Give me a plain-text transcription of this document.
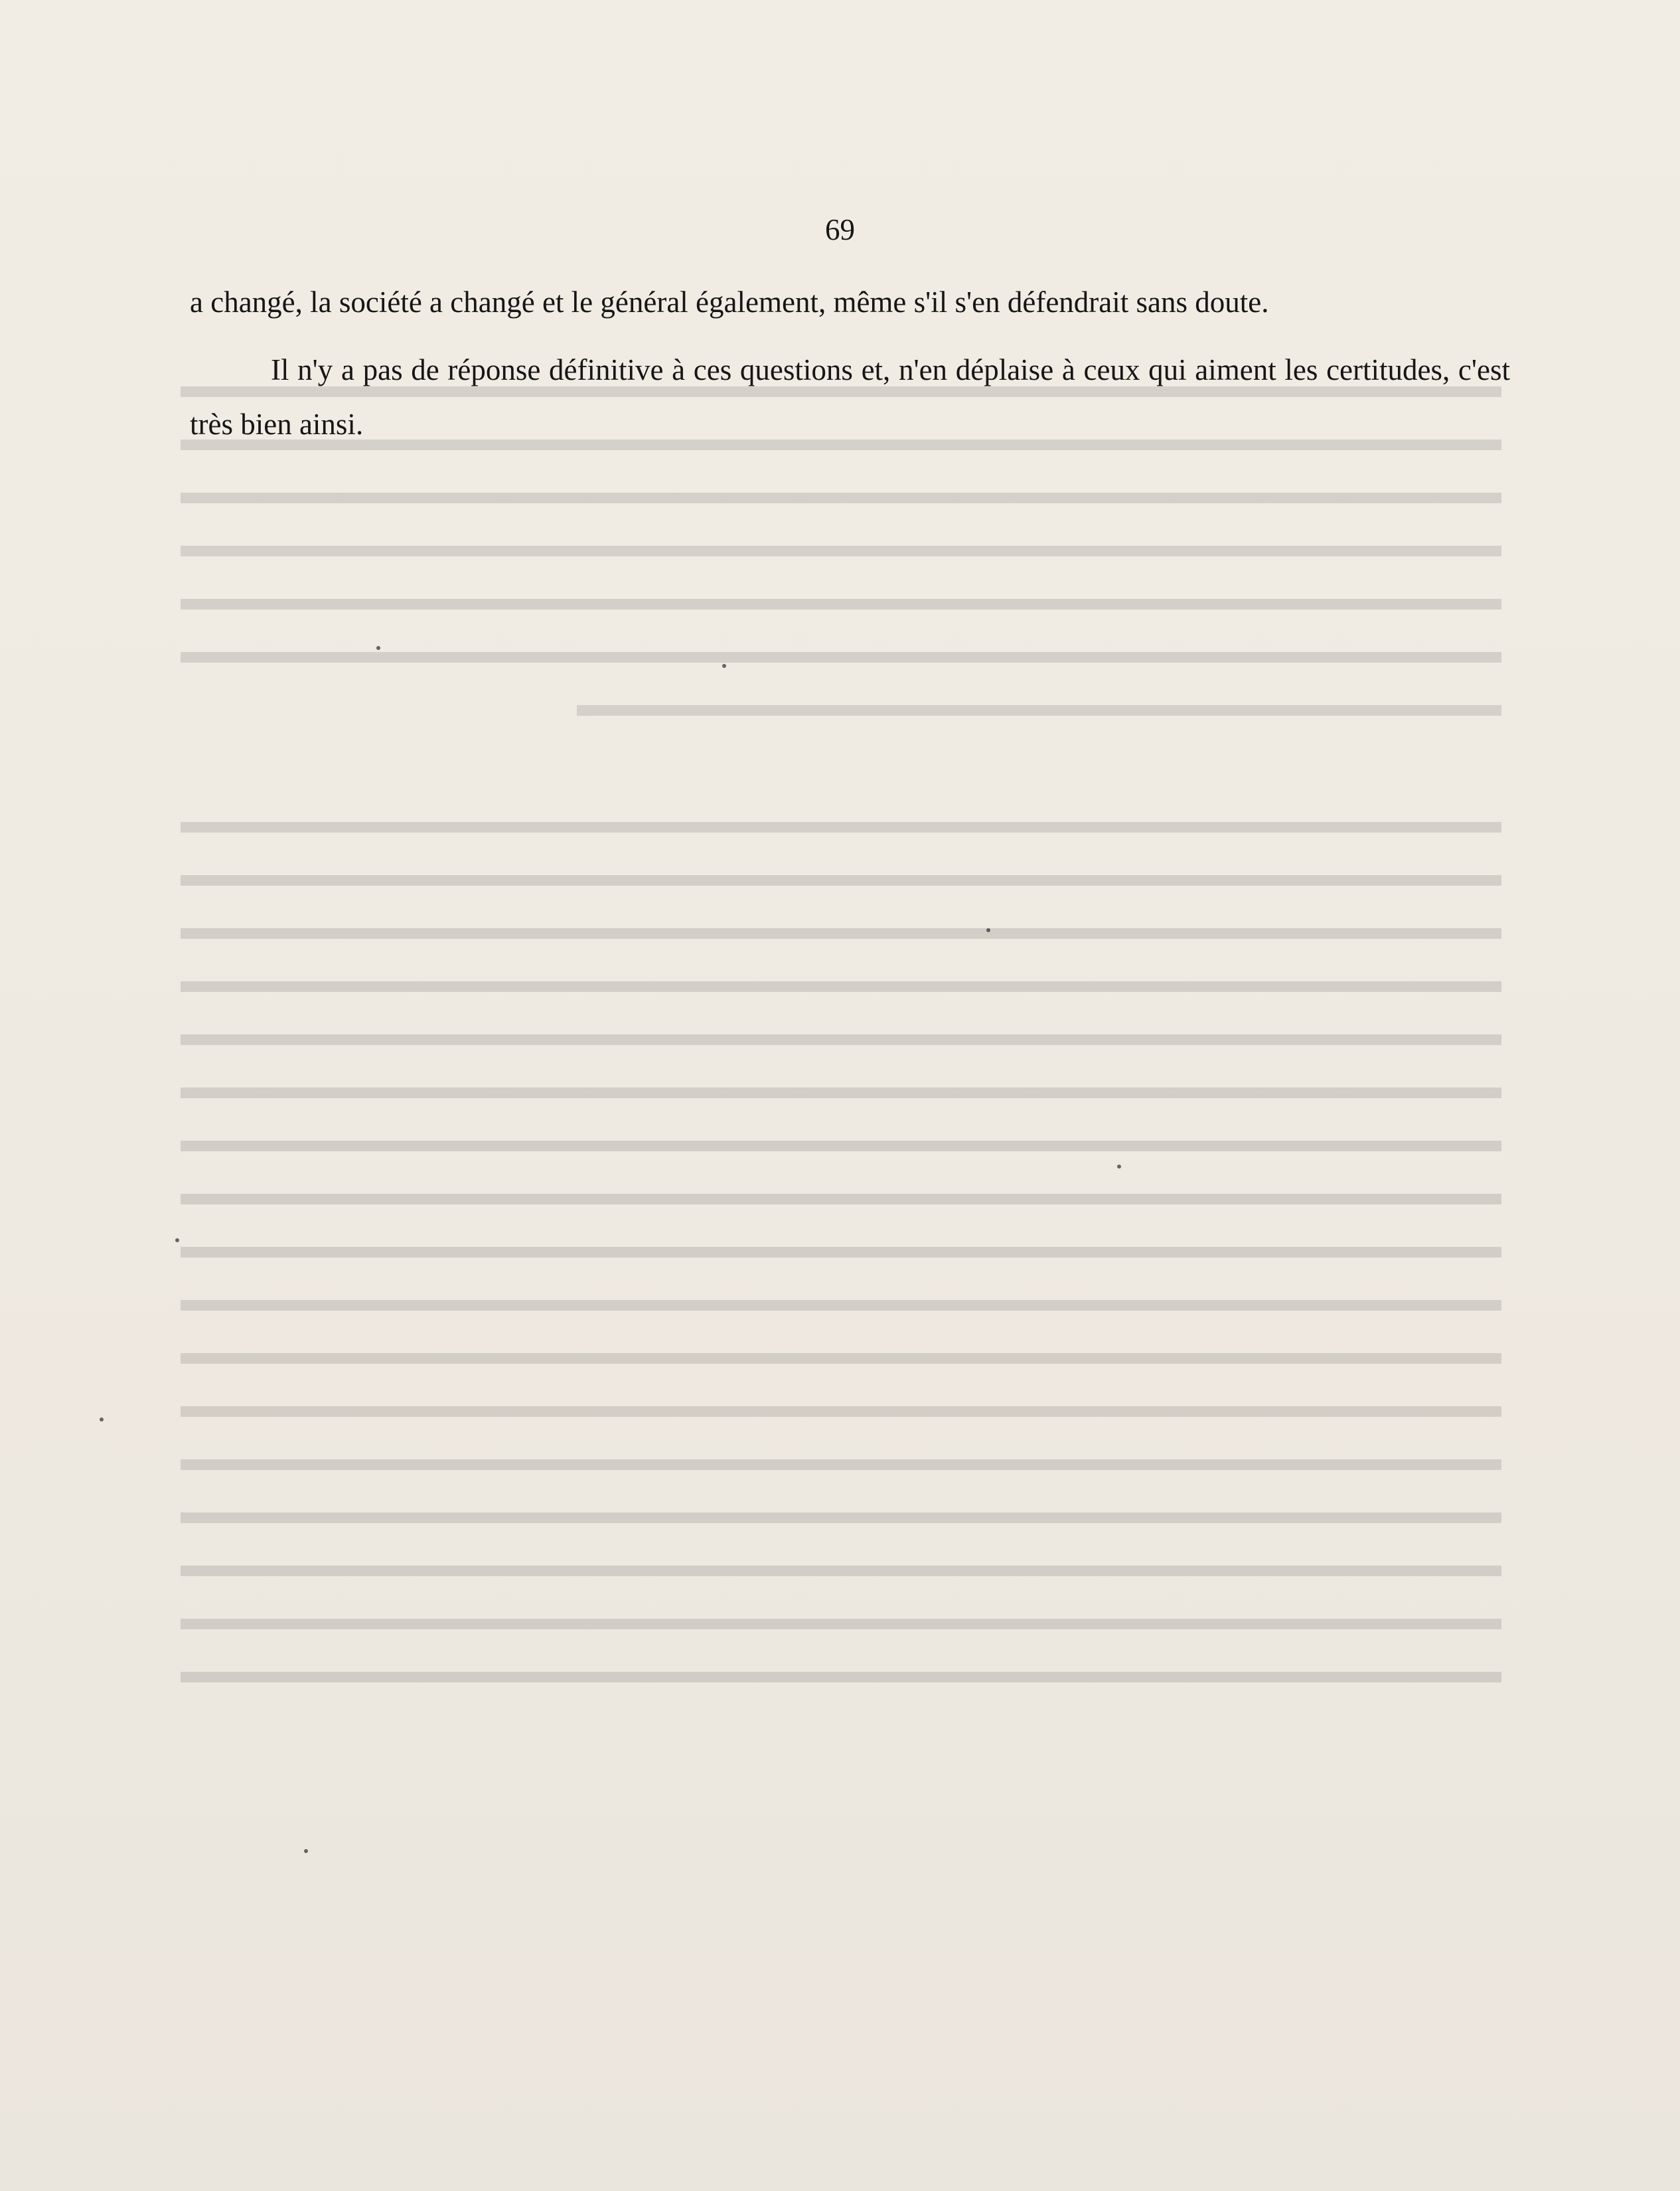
69

a changé, la société a changé et le général également, même s'il s'en défendrait sans doute.

Il n'y a pas de réponse définitive à ces questions et, n'en déplaise à ceux qui aiment les certitudes, c'est très bien ainsi.
